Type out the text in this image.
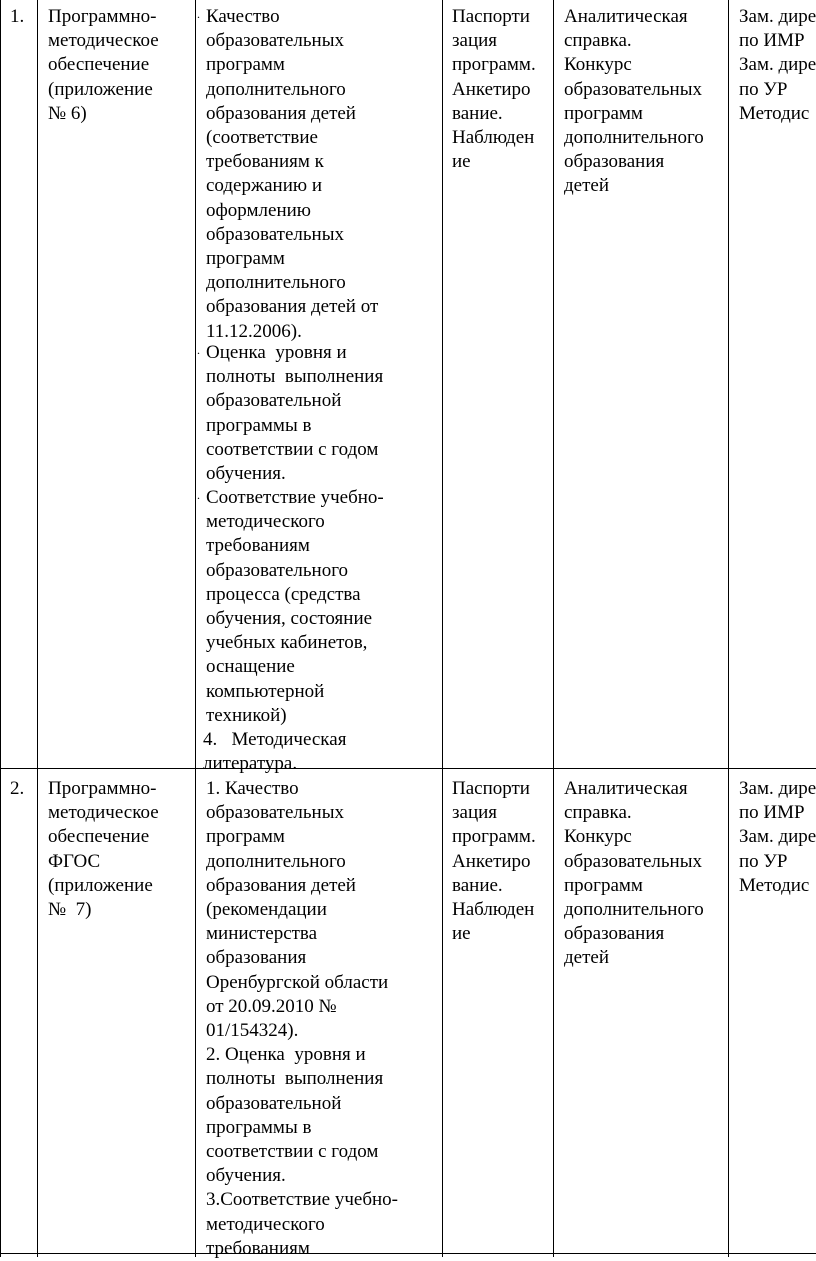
1. Программно-
методическое
обеспечение
(приложение
№ 6)
. Качество
образовательных
программ
дополнительного
образования детей
(соответствие
требованиям к
содержанию и
оформлению
образовательных
программ
дополнительного
образования детей от
11.12.2006).
. Оценка  уровня и
полноты  выполнения
образовательной
программы в
соответствии с годом
обучения.
. Соответствие учебно-
методического
требованиям
образовательного
процесса (средства
обучения, состояние
учебных кабинетов,
оснащение
компьютерной
техникой)
4.   Методическая
литература.
Паспорти
зация
программ.
Анкетиро
вание.
Наблюден
ие
Аналитическая
справка.
Конкурс
образовательных
программ
дополнительного
образования
детей
Зам. дире
по ИМР
Зам. дире
по УР
Методис
2. Программно-
методическое
обеспечение
ФГОС
(приложение
№  7)
1. Качество
образовательных
программ
дополнительного
образования детей
(рекомендации
министерства
образования
Оренбургской области
от 20.09.2010 №
01/154324).
2. Оценка  уровня и
полноты  выполнения
образовательной
программы в
соответствии с годом
обучения.
3.Соответствие учебно-
методического
требованиям
Паспорти
зация
программ.
Анкетиро
вание.
Наблюден
ие
Аналитическая
справка.
Конкурс
образовательных
программ
дополнительного
образования
детей
Зам. дире
по ИМР
Зам. дире
по УР
Методис
